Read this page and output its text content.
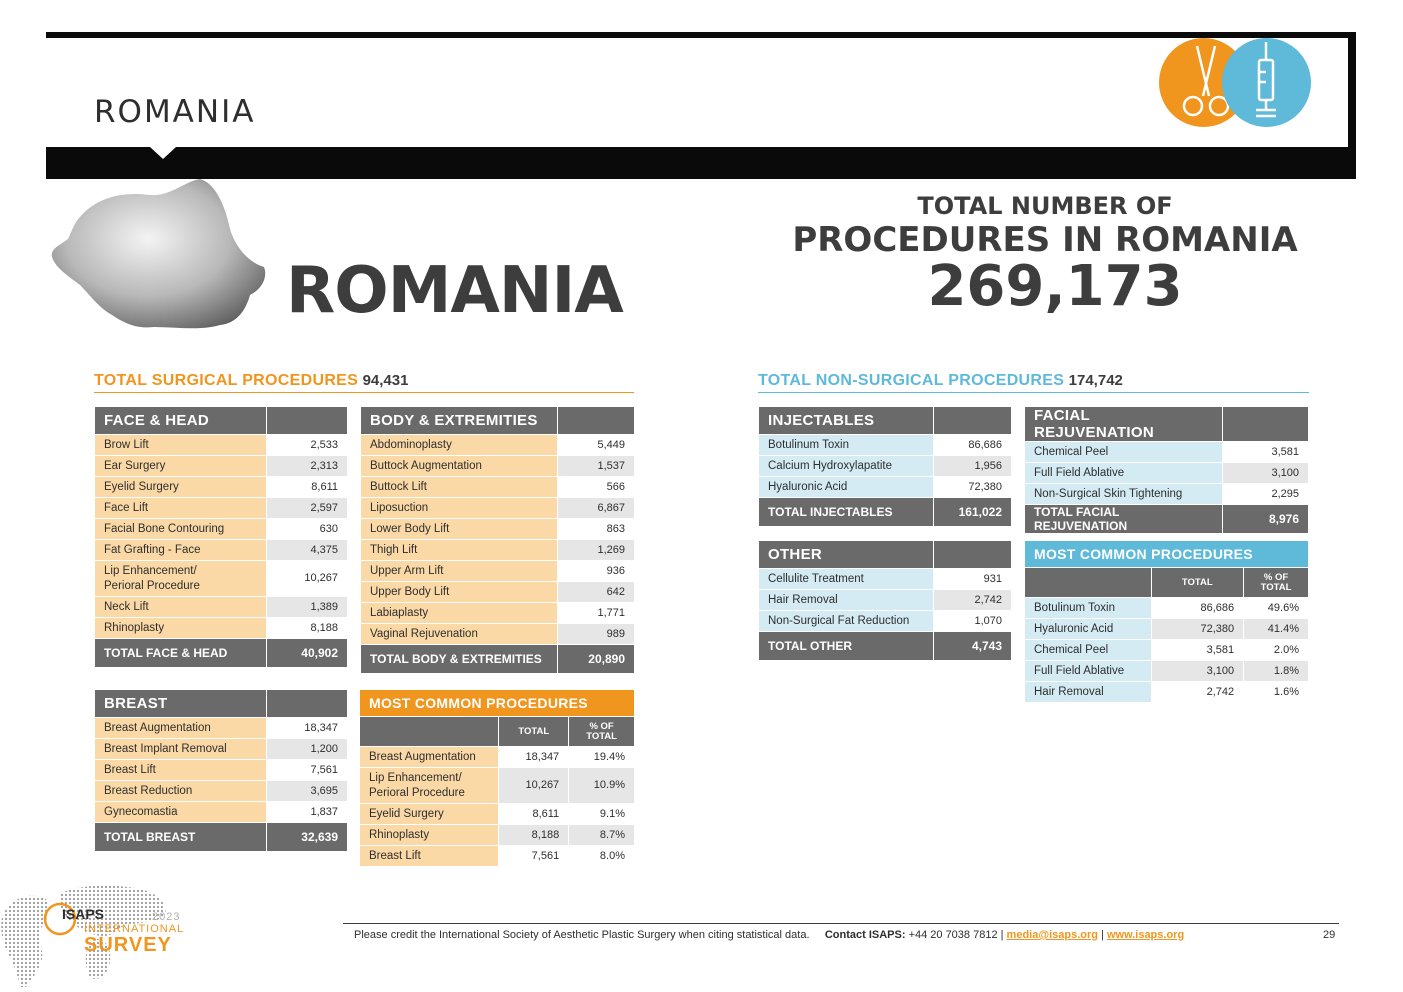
ROMANIA
ROMANIA
TOTAL NUMBER OF
PROCEDURES IN ROMANIA
269,173
TOTAL SURGICAL PROCEDURES 94,431
FACE & HEAD	
Brow Lift	2,533
Ear Surgery	2,313
Eyelid Surgery	8,611
Face Lift	2,597
Facial Bone Contouring	630
Fat Grafting - Face	4,375
Lip Enhancement/
Perioral Procedure	10,267
Neck Lift	1,389
Rhinoplasty	8,188
TOTAL FACE & HEAD	40,902
BODY & EXTREMITIES	
Abdominoplasty	5,449
Buttock Augmentation	1,537
Buttock Lift	566
Liposuction	6,867
Lower Body Lift	863
Thigh Lift	1,269
Upper Arm Lift	936
Upper Body Lift	642
Labiaplasty	1,771
Vaginal Rejuvenation	989
TOTAL BODY & EXTREMITIES	20,890
BREAST	
Breast Augmentation	18,347
Breast Implant Removal	1,200
Breast Lift	7,561
Breast Reduction	3,695
Gynecomastia	1,837
TOTAL BREAST	32,639
MOST COMMON PROCEDURES		
	TOTAL	% OF
TOTAL
Breast Augmentation	18,347	19.4%
Lip Enhancement/
Perioral Procedure	10,267	10.9%
Eyelid Surgery	8,611	9.1%
Rhinoplasty	8,188	8.7%
Breast Lift	7,561	8.0%
TOTAL NON-SURGICAL PROCEDURES 174,742
INJECTABLES	
Botulinum Toxin	86,686
Calcium Hydroxylapatite	1,956
Hyaluronic Acid	72,380
TOTAL INJECTABLES	161,022
FACIAL REJUVENATION	
Chemical Peel	3,581
Full Field Ablative	3,100
Non-Surgical Skin Tightening	2,295
TOTAL FACIAL REJUVENATION	8,976
OTHER	
Cellulite Treatment	931
Hair Removal	2,742
Non-Surgical Fat Reduction	1,070
TOTAL OTHER	4,743
MOST COMMON PROCEDURES		
	TOTAL	% OF
TOTAL
Botulinum Toxin	86,686	49.6%
Hyaluronic Acid	72,380	41.4%
Chemical Peel	3,581	2.0%
Full Field Ablative	3,100	1.8%
Hair Removal	2,742	1.6%
ISAPS	2023
INTERNATIONAL
SURVEY	Please credit the International Society of Aesthetic Plastic Surgery when citing statistical data. Contact ISAPS: +44 20 7038 7812 | media@isaps.org | www.isaps.org	29
